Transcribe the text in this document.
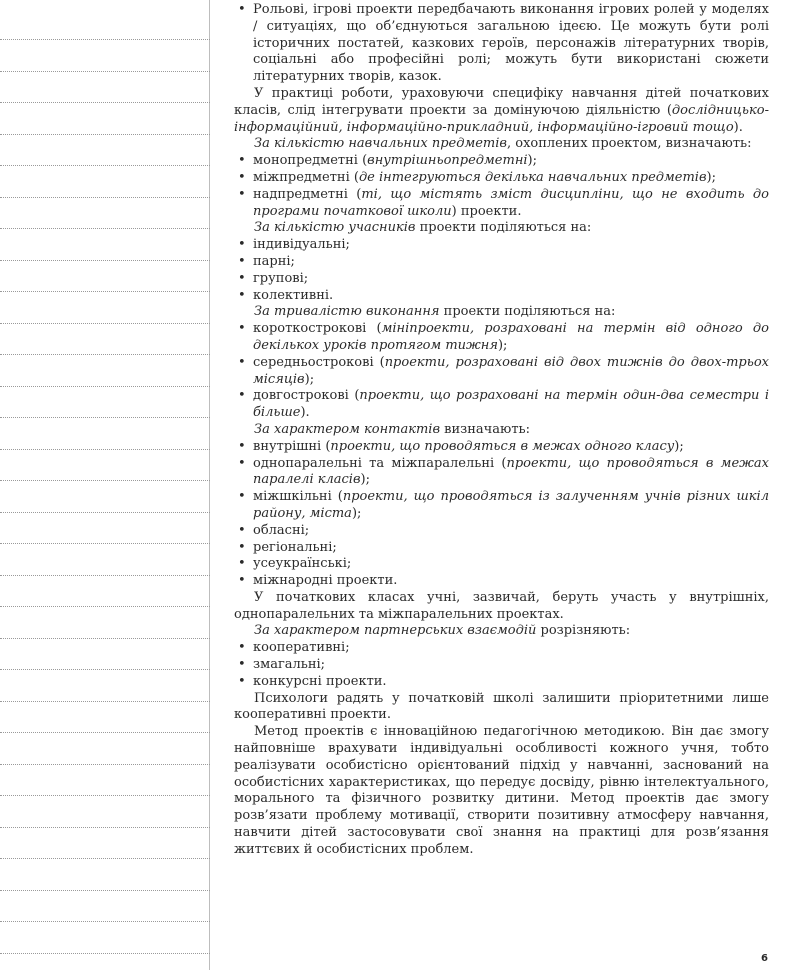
• Рольові, ігрові проекти передбачають виконання ігрових ролей у моделях / ситуаціях, що об’єднуються загальною ідеєю. Це можуть бути ролі історичних постатей, казкових героїв, персонажів літературних творів, соціальні або професійні ролі; можуть бути використані сюжети літературних творів, казок.

У практиці роботи, ураховуючи специфіку навчання дітей початкових класів, слід інтегрувати проекти за домінуючою діяльністю (дослідницько-інформаційний, інформаційно-прикладний, інформаційно-ігровий тощо).

За кількістю навчальних предметів, охоплених проектом, визначають:

• монопредметні (внутрішньопредметні);
• міжпредметні (де інтегруються декілька навчальних предметів);
• надпредметні (ті, що містять зміст дисципліни, що не входить до програми початкової школи) проекти.

За кількістю учасників проекти поділяються на:

• індивідуальні;
• парні;
• групові;
• колективні.

За тривалістю виконання проекти поділяються на:

• короткострокові (мініпроекти, розраховані на термін від одного до декількох уроків протягом тижня);
• середньострокові (проекти, розраховані від двох тижнів до двох-трьох місяців);
• довгострокові (проекти, що розраховані на термін один-два семестри і більше).

За характером контактів визначають:

• внутрішні (проекти, що проводяться в межах одного класу);
• однопаралельні та міжпаралельні (проекти, що проводяться в межах паралелі класів);
• міжшкільні (проекти, що проводяться із залученням учнів різних шкіл району, міста);
• обласні;
• регіональні;
• усеукраїнські;
• міжнародні проекти.

У початкових класах учні, зазвичай, беруть участь у внутрішніх, однопаралельних та міжпаралельних проектах.

За характером партнерських взаємодій розрізняють:

• кооперативні;
• змагальні;
• конкурсні проекти.

Психологи радять у початковій школі залишити пріоритетними лише кооперативні проекти.

Метод проектів є інноваційною педагогічною методикою. Він дає змогу найповніше врахувати індивідуальні особливості кожного учня, тобто реалізувати особистісно орієнтований підхід у навчанні, заснований на особистісних характеристиках, що передує досвіду, рівню інтелектуального, морального та фізичного розвитку дитини. Метод проектів дає змогу розв’язати проблему мотивації, створити позитивну атмосферу навчання, навчити дітей застосовувати свої знання на практиці для розв’язання життєвих й особистісних проблем.

6
